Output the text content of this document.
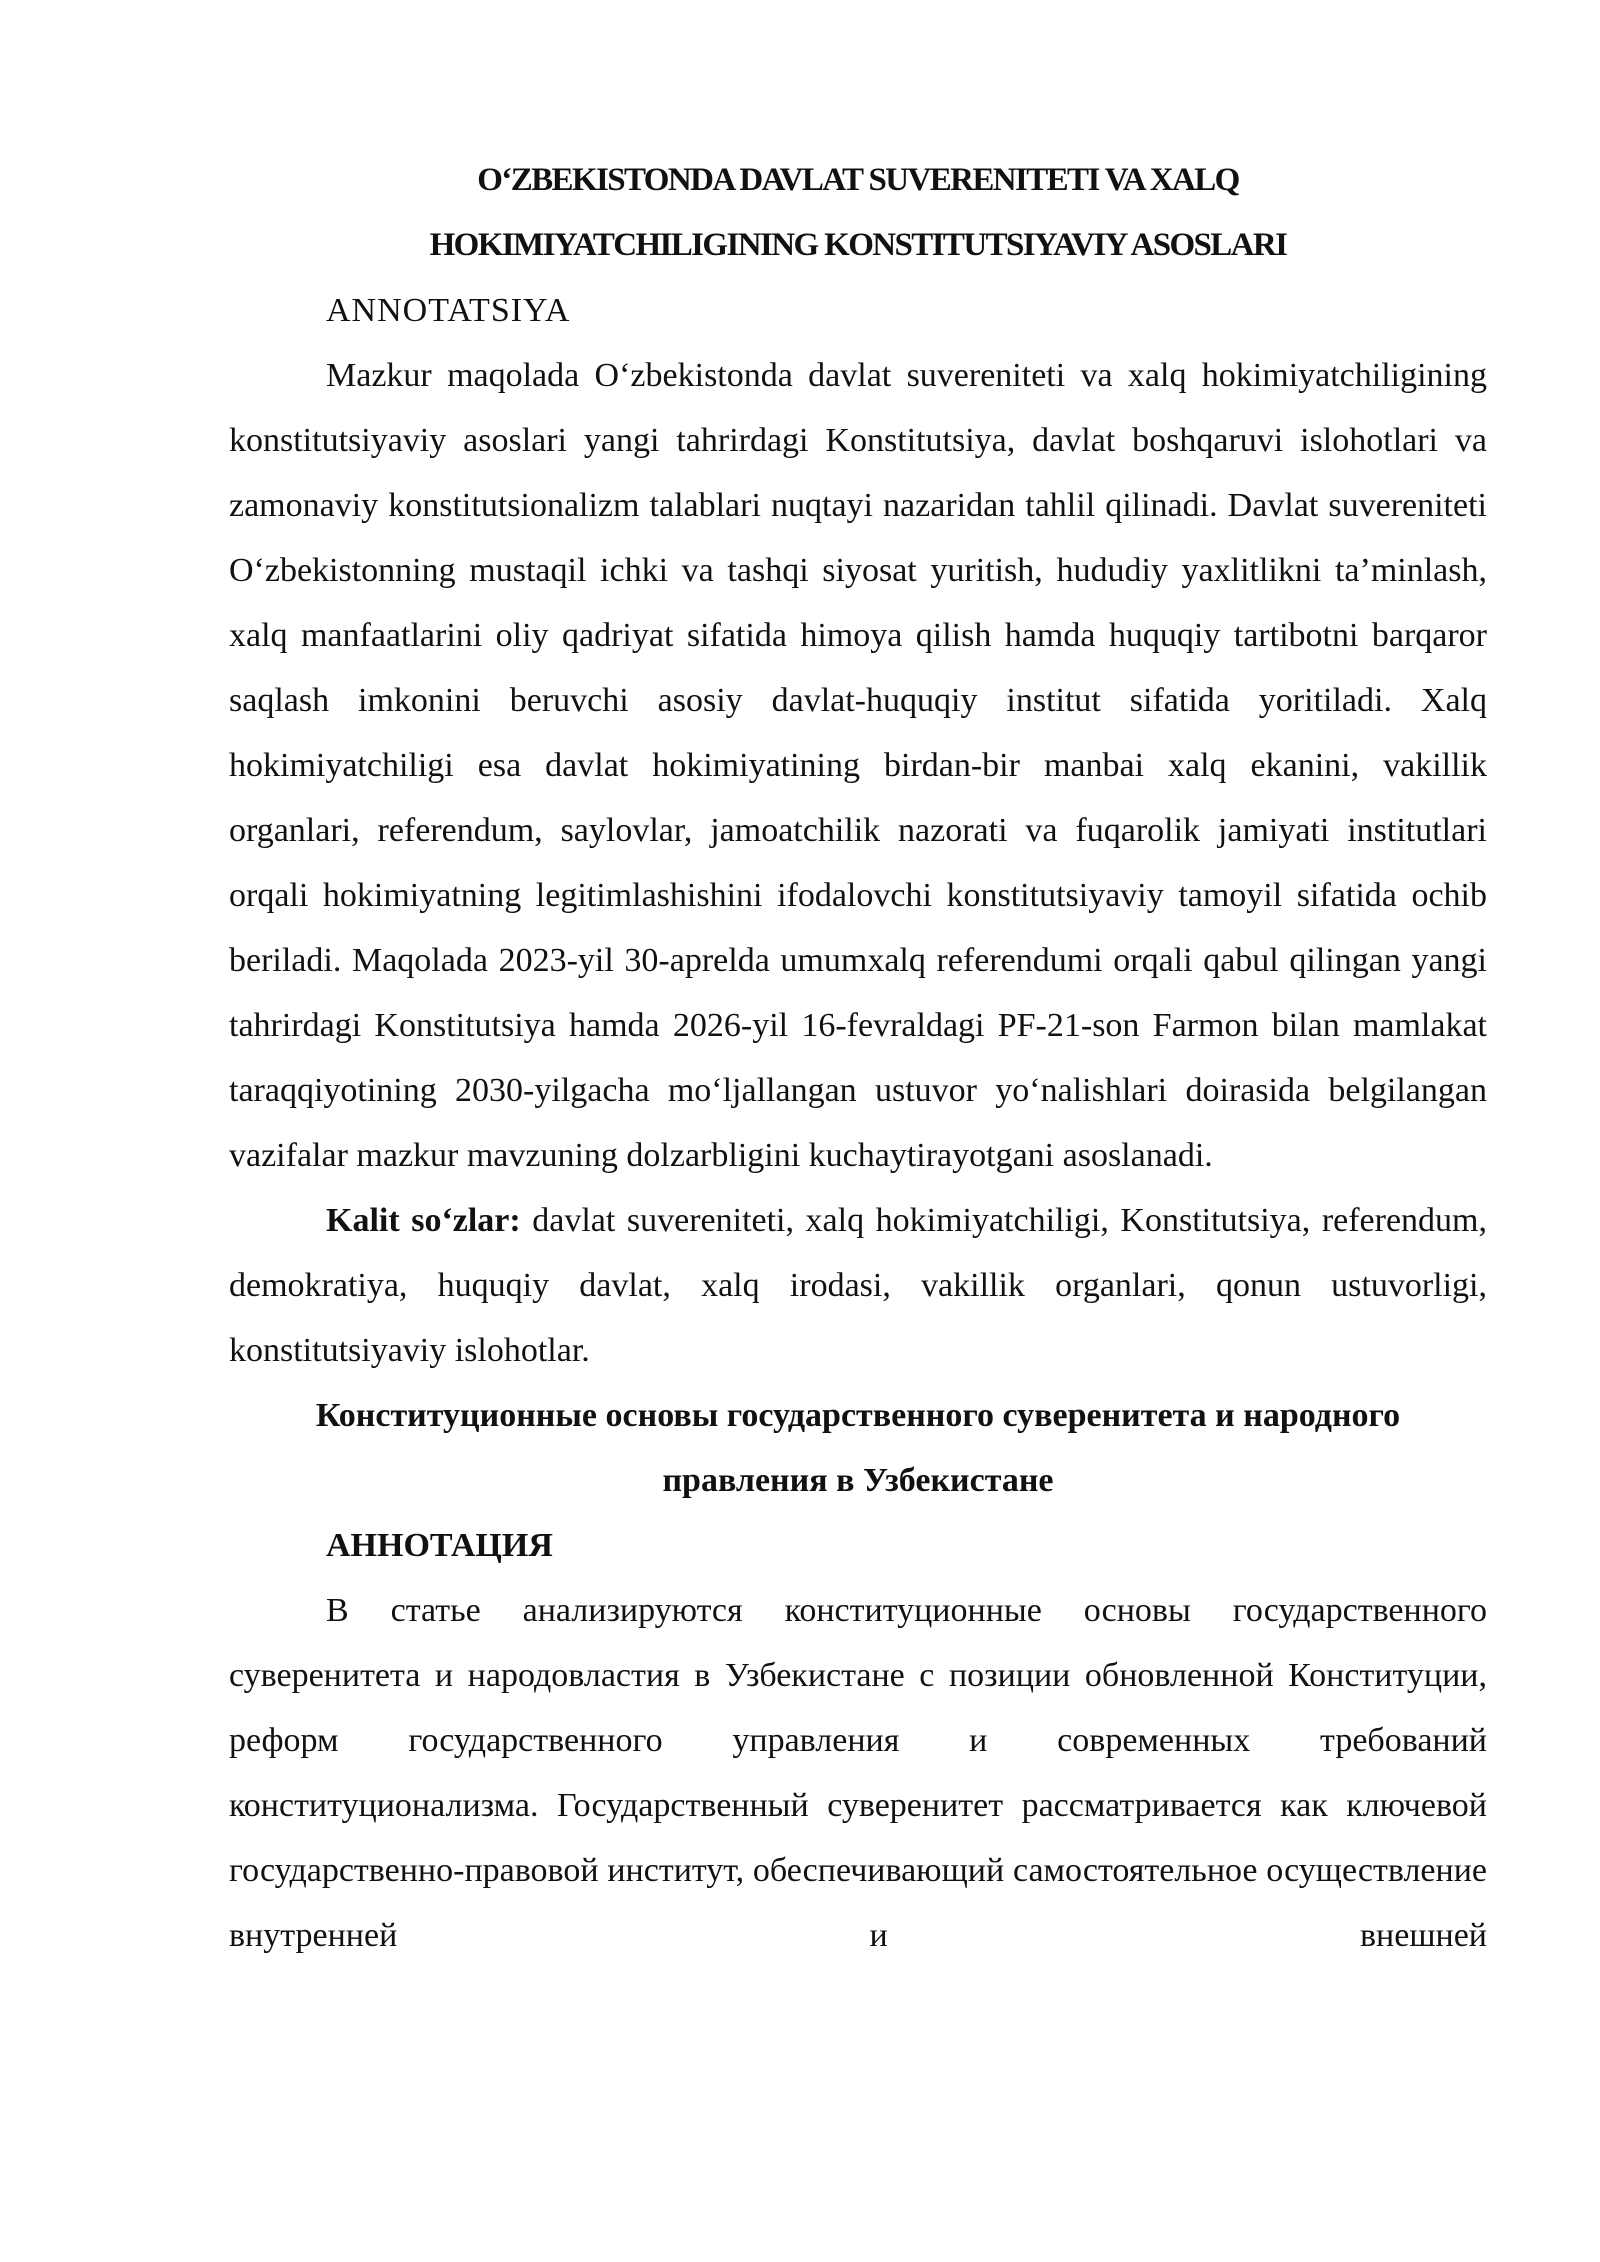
O‘ZBEKISTONDA DAVLAT SUVERENITETI VA XALQ
HOKIMIYATCHILIGINING KONSTITUTSIYAVIY ASOSLARI

ANNOTATSIYA

Mazkur maqolada O‘zbekistonda davlat suvereniteti va xalq hokimiyatchiligining konstitutsiyaviy asoslari yangi tahrirdagi Konstitutsiya, davlat boshqaruvi islohotlari va zamonaviy konstitutsionalizm talablari nuqtayi nazaridan tahlil qilinadi. Davlat suvereniteti O‘zbekistonning mustaqil ichki va tashqi siyosat yuritish, hududiy yaxlitlikni ta’minlash, xalq manfaatlarini oliy qadriyat sifatida himoya qilish hamda huquqiy tartibotni barqaror saqlash imkonini beruvchi asosiy davlat-huquqiy institut sifatida yoritiladi. Xalq hokimiyatchiligi esa davlat hokimiyatining birdan-bir manbai xalq ekanini, vakillik organlari, referendum, saylovlar, jamoatchilik nazorati va fuqarolik jamiyati institutlari orqali hokimiyatning legitimlashishini ifodalovchi konstitutsiyaviy tamoyil sifatida ochib beriladi. Maqolada 2023-yil 30-aprelda umumxalq referendumi orqali qabul qilingan yangi tahrirdagi Konstitutsiya hamda 2026-yil 16-fevraldagi PF-21-son Farmon bilan mamlakat taraqqiyotining 2030-yilgacha mo‘ljallangan ustuvor yo‘nalishlari doirasida belgilangan vazifalar mazkur mavzuning dolzarbligini kuchaytirayotgani asoslanadi.

Kalit so‘zlar: davlat suvereniteti, xalq hokimiyatchiligi, Konstitutsiya, referendum, demokratiya, huquqiy davlat, xalq irodasi, vakillik organlari, qonun ustuvorligi, konstitutsiyaviy islohotlar.

Конституционные основы государственного суверенитета и народного
правления в Узбекистане

АННОТАЦИЯ

В статье анализируются конституционные основы государственного суверенитета и народовластия в Узбекистане с позиции обновленной Конституции, реформ государственного управления и современных требований конституционализма. Государственный суверенитет рассматривается как ключевой государственно-правовой институт, обеспечивающий самостоятельное осуществление внутренней и внешней
